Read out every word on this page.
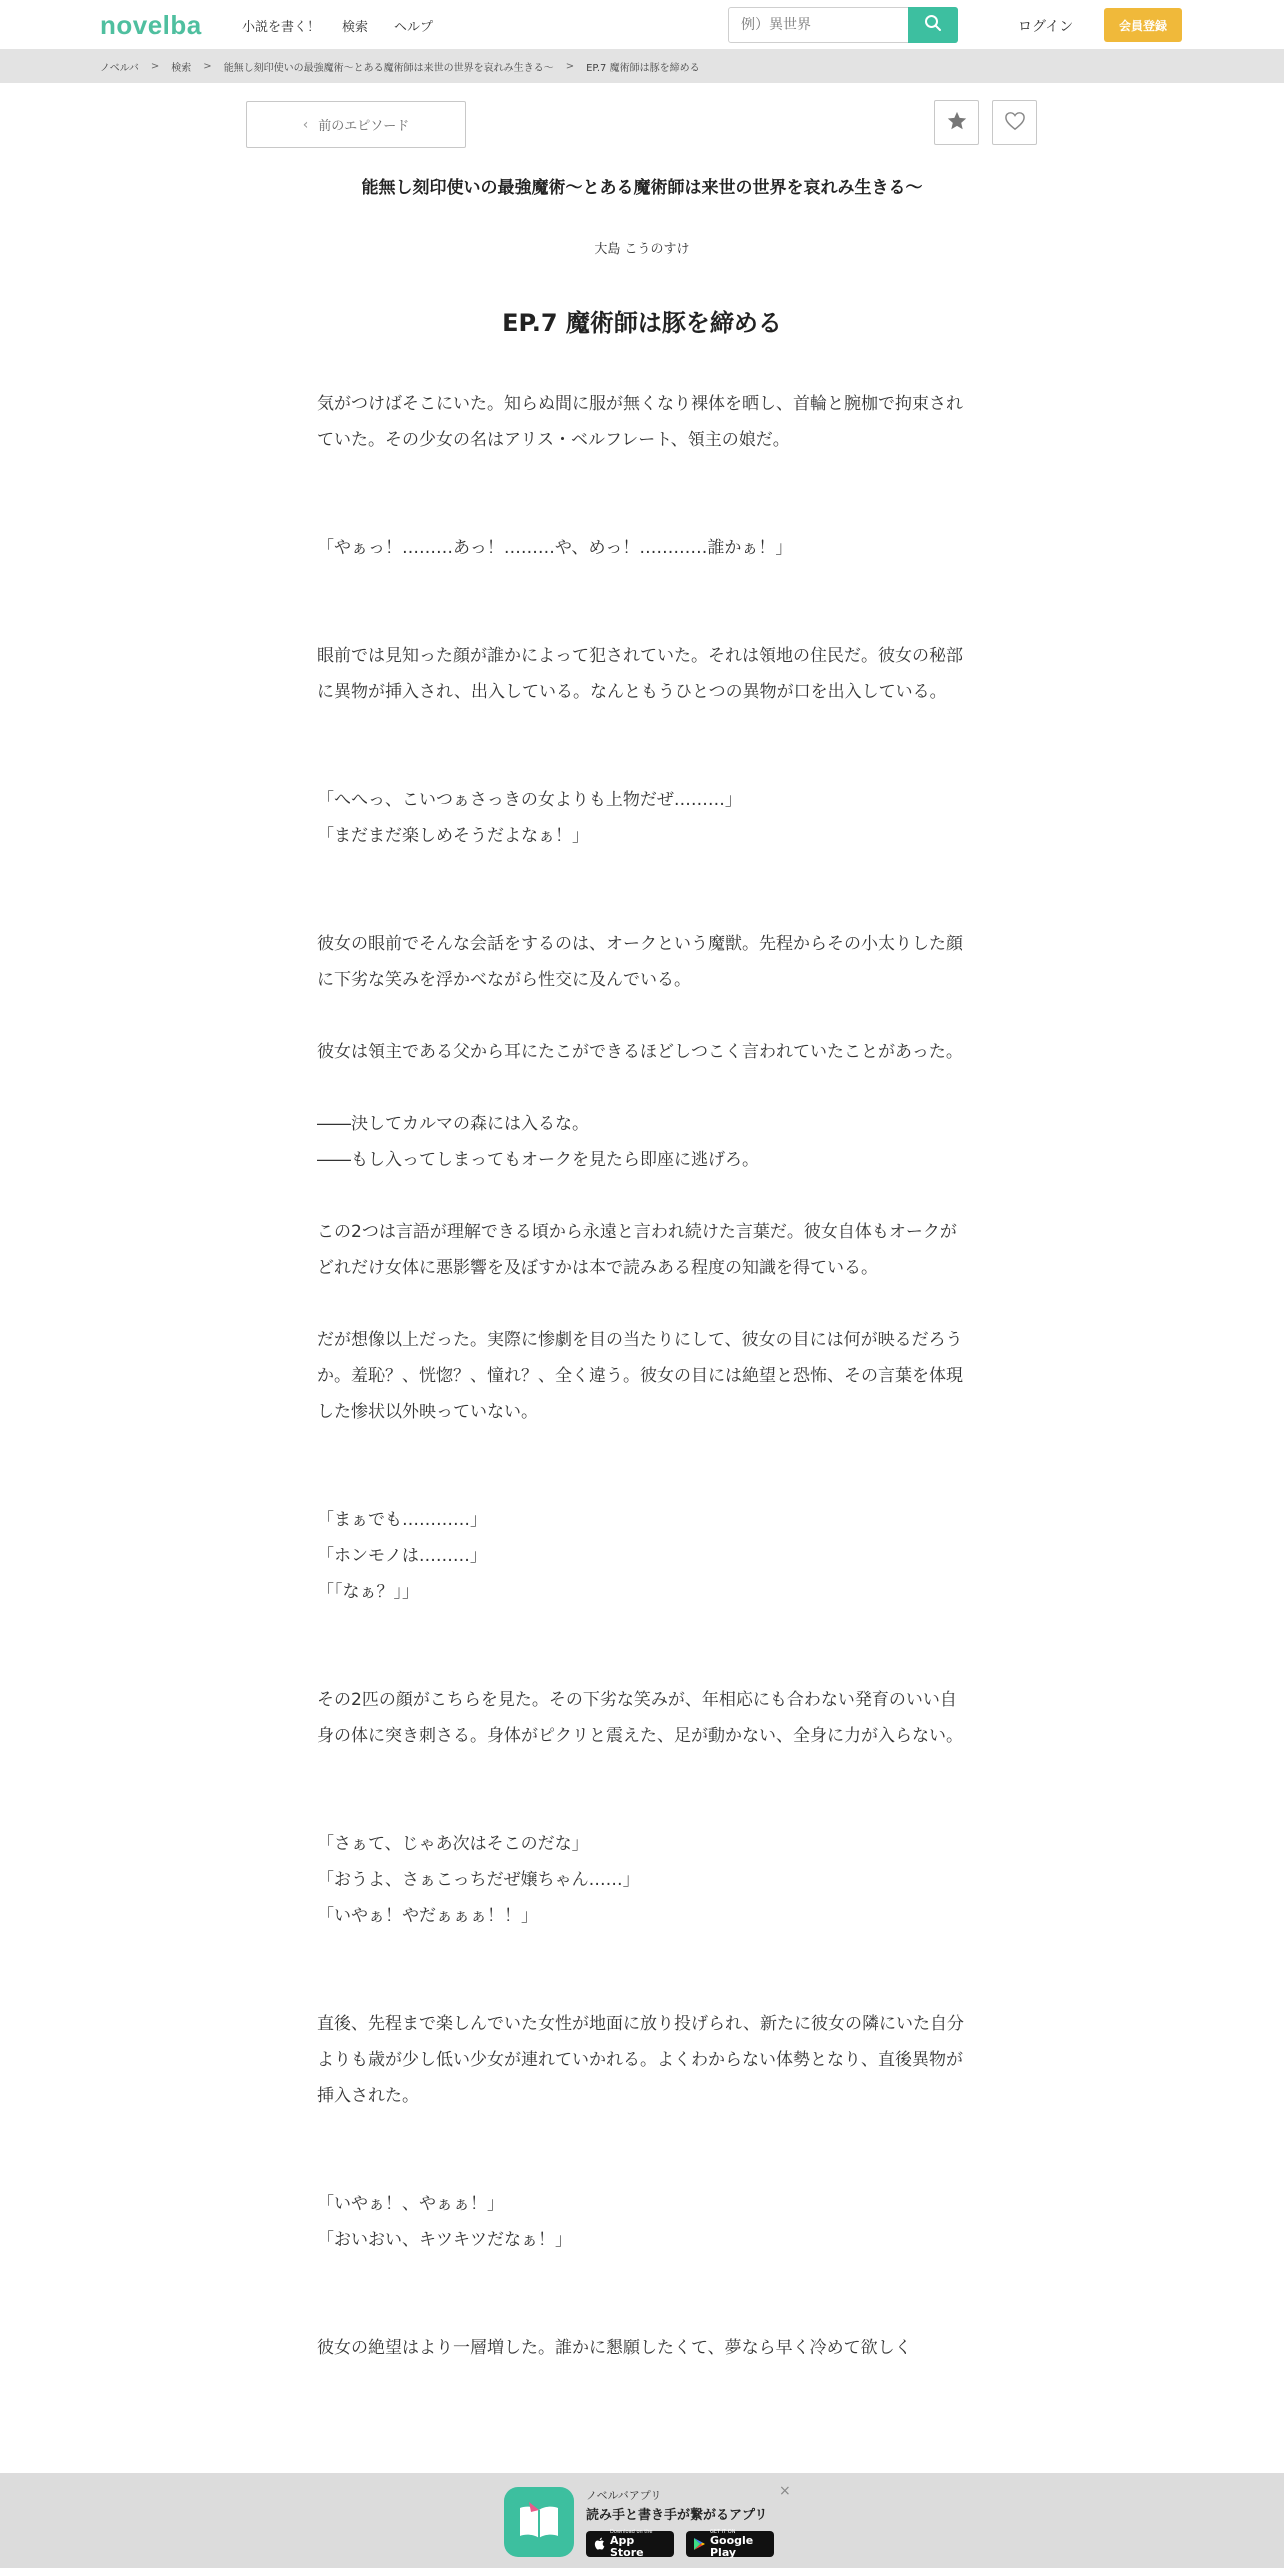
novelba	小説を書く！ 検索 ヘルプ
例）異世界	ログイン	会員登録
ノベルバ > 検索 > 能無し刻印使いの最強魔術〜とある魔術師は来世の世界を哀れみ生きる〜 > EP.7 魔術師は豚を締める
‹ 前のエピソード
能無し刻印使いの最強魔術〜とある魔術師は来世の世界を哀れみ生きる〜
大島 こうのすけ
EP.7 魔術師は豚を締める

気がつけばそこにいた。知らぬ間に服が無くなり裸体を晒し、首輪と腕枷で拘束されていた。その少女の名はアリス・ベルフレート、領主の娘だ。

「やぁっ！………あっ！………や、めっ！…………誰かぁ！」

眼前では見知った顔が誰かによって犯されていた。それは領地の住民だ。彼女の秘部に異物が挿入され、出入している。なんともうひとつの異物が口を出入している。

「へへっ、こいつぁさっきの女よりも上物だぜ………」

「まだまだ楽しめそうだよなぁ！」

彼女の眼前でそんな会話をするのは、オークという魔獣。先程からその小太りした顔に下劣な笑みを浮かべながら性交に及んでいる。

彼女は領主である父から耳にたこができるほどしつこく言われていたことがあった。

――決してカルマの森には入るな。

――もし入ってしまってもオークを見たら即座に逃げろ。

この2つは言語が理解できる頃から永遠と言われ続けた言葉だ。彼女自体もオークがどれだけ女体に悪影響を及ぼすかは本で読みある程度の知識を得ている。

だが想像以上だった。実際に惨劇を目の当たりにして、彼女の目には何が映るだろうか。羞恥？、恍惚？、憧れ？、全く違う。彼女の目には絶望と恐怖、その言葉を体現した惨状以外映っていない。

「まぁでも…………」

「ホンモノは………」

「「なぁ？」」

その2匹の顔がこちらを見た。その下劣な笑みが、年相応にも合わない発育のいい自身の体に突き刺さる。身体がピクリと震えた、足が動かない、全身に力が入らない。

「さぁて、じゃあ次はそこのだな」

「おうよ、さぁこっちだぜ嬢ちゃん……」

「いやぁ！やだぁぁぁ！！」

直後、先程まで楽しんでいた女性が地面に放り投げられ、新たに彼女の隣にいた自分よりも歳が少し低い少女が連れていかれる。よくわからない体勢となり、直後異物が挿入された。

「いやぁ！、やぁぁ！」

「おいおい、キツキツだなぁ！」

彼女の絶望はより一層増した。誰かに懇願したくて、夢なら早く冷めて欲しく

ノベルバアプリ
読み手と書き手が繋がるアプリ
Download on the
App Store
GET IT ON
Google Play
×
